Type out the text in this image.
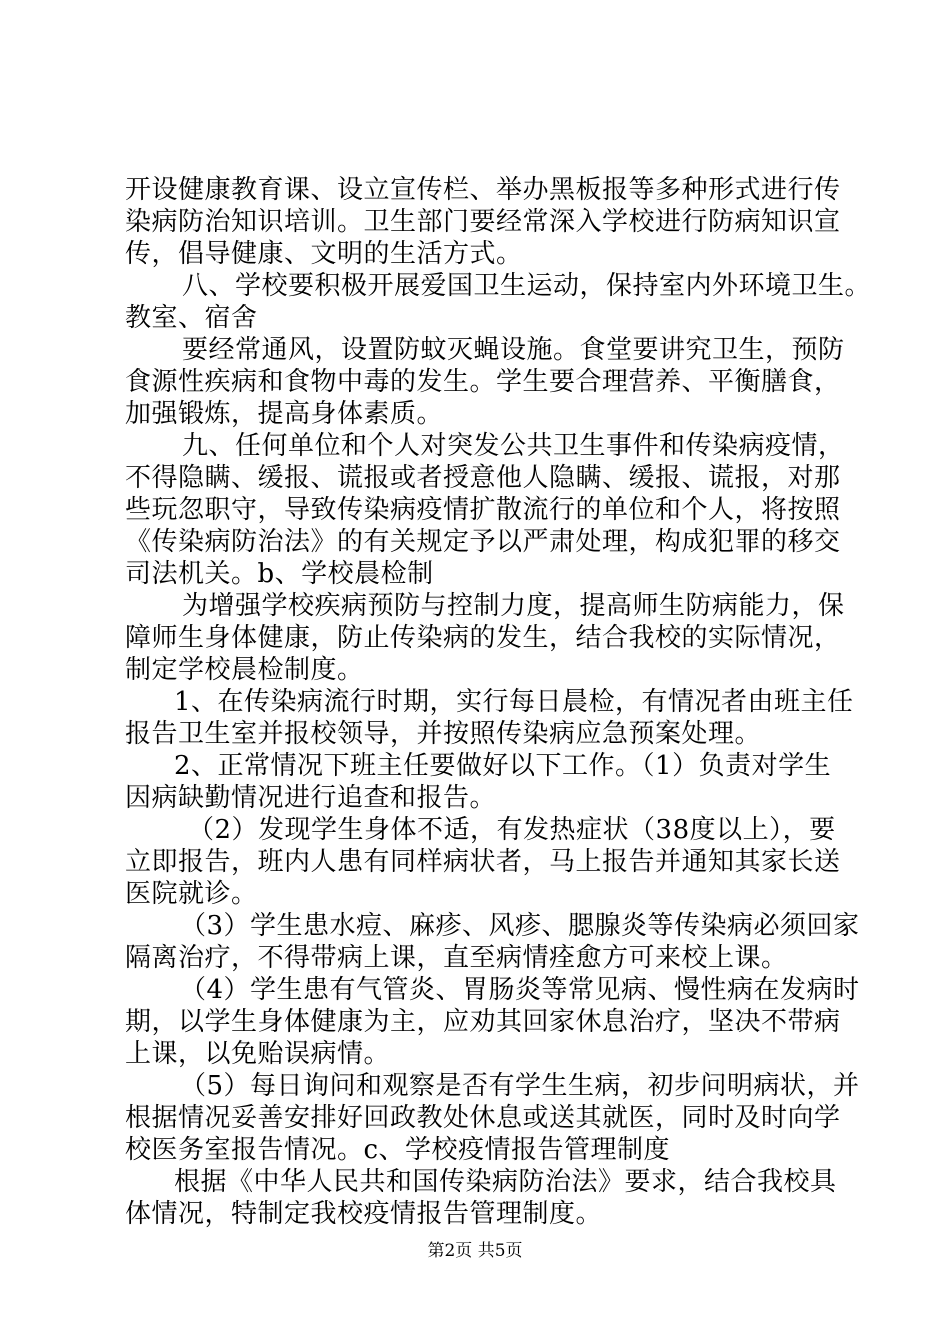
开设健康教育课、设立宣传栏、举办黑板报等多种形式进行传
染病防治知识培训。卫生部门要经常深入学校进行防病知识宣
传，倡导健康、文明的生活方式。
八、学校要积极开展爱国卫生运动，保持室内外环境卫生。
教室、宿舍
要经常通风，设置防蚊灭蝇设施。食堂要讲究卫生，预防
食源性疾病和食物中毒的发生。学生要合理营养、平衡膳食，
加强锻炼，提高身体素质。
九、任何单位和个人对突发公共卫生事件和传染病疫情，
不得隐瞒、缓报、谎报或者授意他人隐瞒、缓报、谎报，对那
些玩忽职守，导致传染病疫情扩散流行的单位和个人，将按照
《传染病防治法》的有关规定予以严肃处理，构成犯罪的移交
司法机关。b、学校晨检制
为增强学校疾病预防与控制力度，提高师生防病能力，保
障师生身体健康，防止传染病的发生，结合我校的实际情况，
制定学校晨检制度。
1、在传染病流行时期，实行每日晨检，有情况者由班主任
报告卫生室并报校领导，并按照传染病应急预案处理。
2、正常情况下班主任要做好以下工作。（1）负责对学生
因病缺勤情况进行追查和报告。
（2）发现学生身体不适，有发热症状（38度以上），要
立即报告，班内人患有同样病状者，马上报告并通知其家长送
医院就诊。
（3）学生患水痘、麻疹、风疹、腮腺炎等传染病必须回家
隔离治疗，不得带病上课，直至病情痊愈方可来校上课。
（4）学生患有气管炎、胃肠炎等常见病、慢性病在发病时
期，以学生身体健康为主，应劝其回家休息治疗，坚决不带病
上课，以免贻误病情。
（5）每日询问和观察是否有学生生病，初步问明病状，并
根据情况妥善安排好回政教处休息或送其就医，同时及时向学
校医务室报告情况。c、学校疫情报告管理制度
根据《中华人民共和国传染病防治法》要求，结合我校具
体情况，特制定我校疫情报告管理制度。
第2页 共5页
